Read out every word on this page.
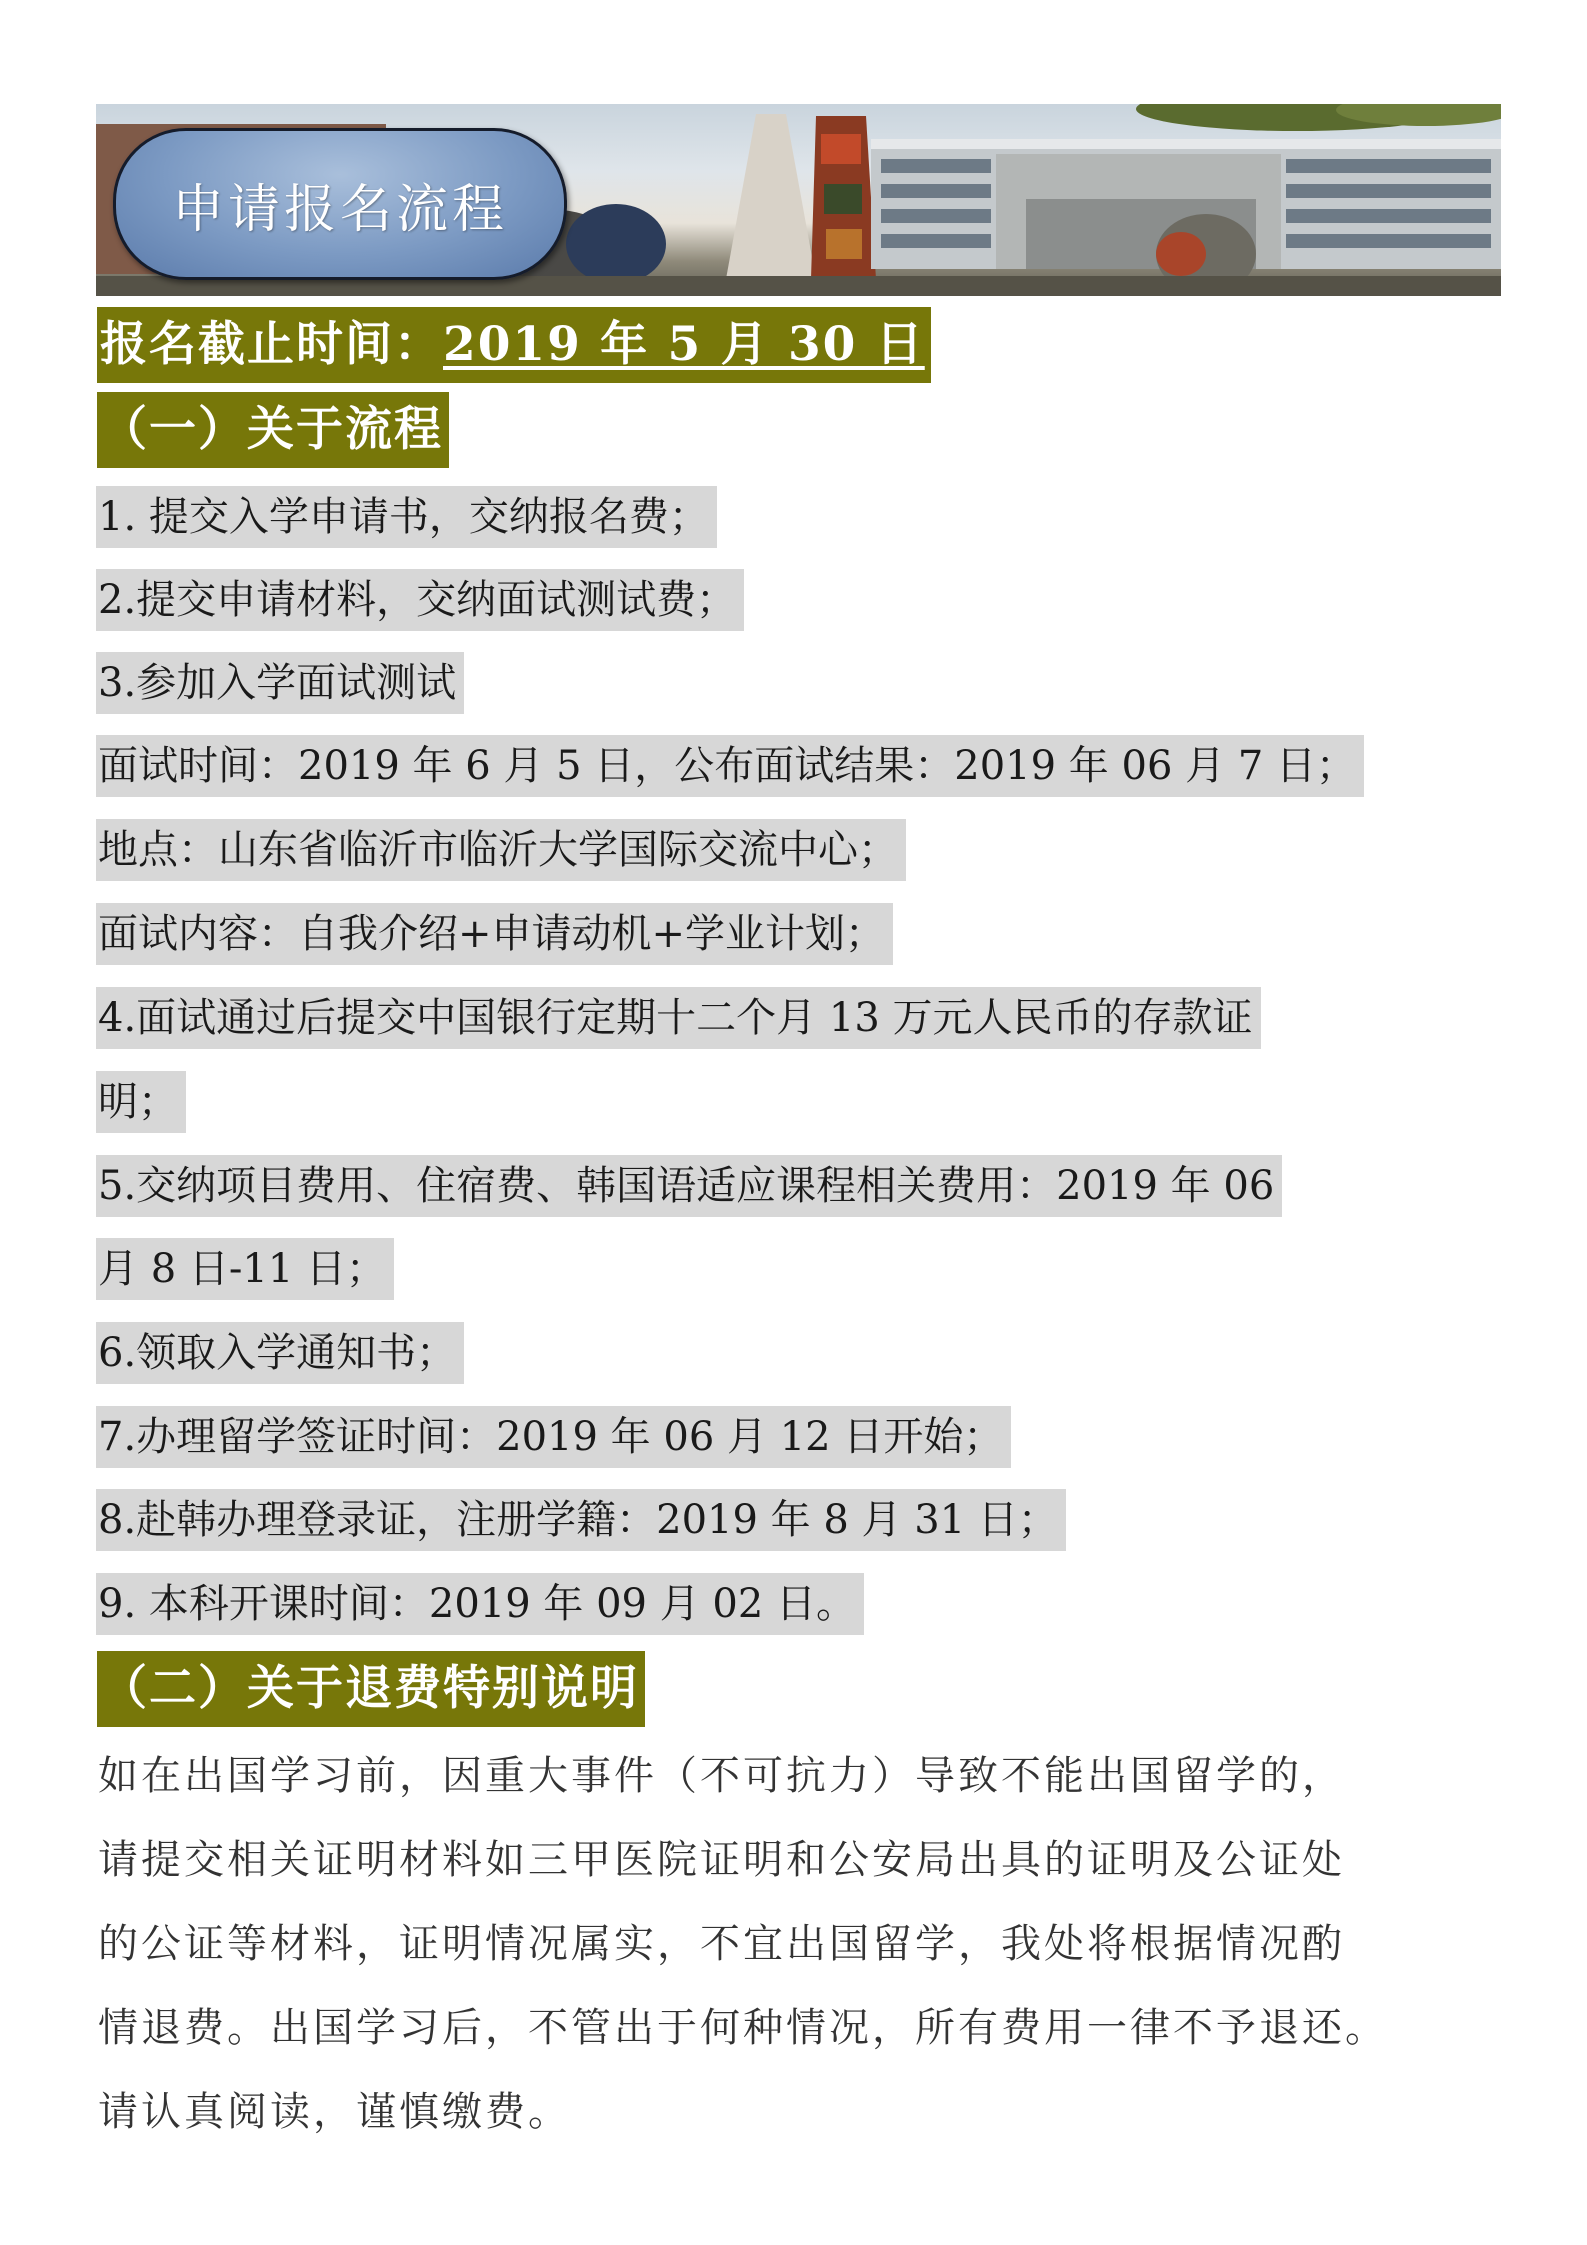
申请报名流程
报名截止时间：2019 年 5 月 30 日
（一）关于流程
1. 提交入学申请书，交纳报名费；
2.提交申请材料，交纳面试测试费；
3.参加入学面试测试
面试时间：2019 年 6 月 5 日，公布面试结果：2019 年 06 月 7 日；
地点：山东省临沂市临沂大学国际交流中心；
面试内容：自我介绍+申请动机+学业计划；
4.面试通过后提交中国银行定期十二个月 13 万元人民币的存款证
明；
5.交纳项目费用、住宿费、韩国语适应课程相关费用：2019 年 06
月 8 日-11 日；
6.领取入学通知书；
7.办理留学签证时间：2019 年 06 月 12 日开始；
8.赴韩办理登录证，注册学籍：2019 年 8 月 31 日；
9. 本科开课时间：2019 年 09 月 02 日。
（二）关于退费特别说明
如在出国学习前，因重大事件（不可抗力）导致不能出国留学的，
请提交相关证明材料如三甲医院证明和公安局出具的证明及公证处
的公证等材料，证明情况属实，不宜出国留学，我处将根据情况酌
情退费。出国学习后，不管出于何种情况，所有费用一律不予退还。
请认真阅读，谨慎缴费。
